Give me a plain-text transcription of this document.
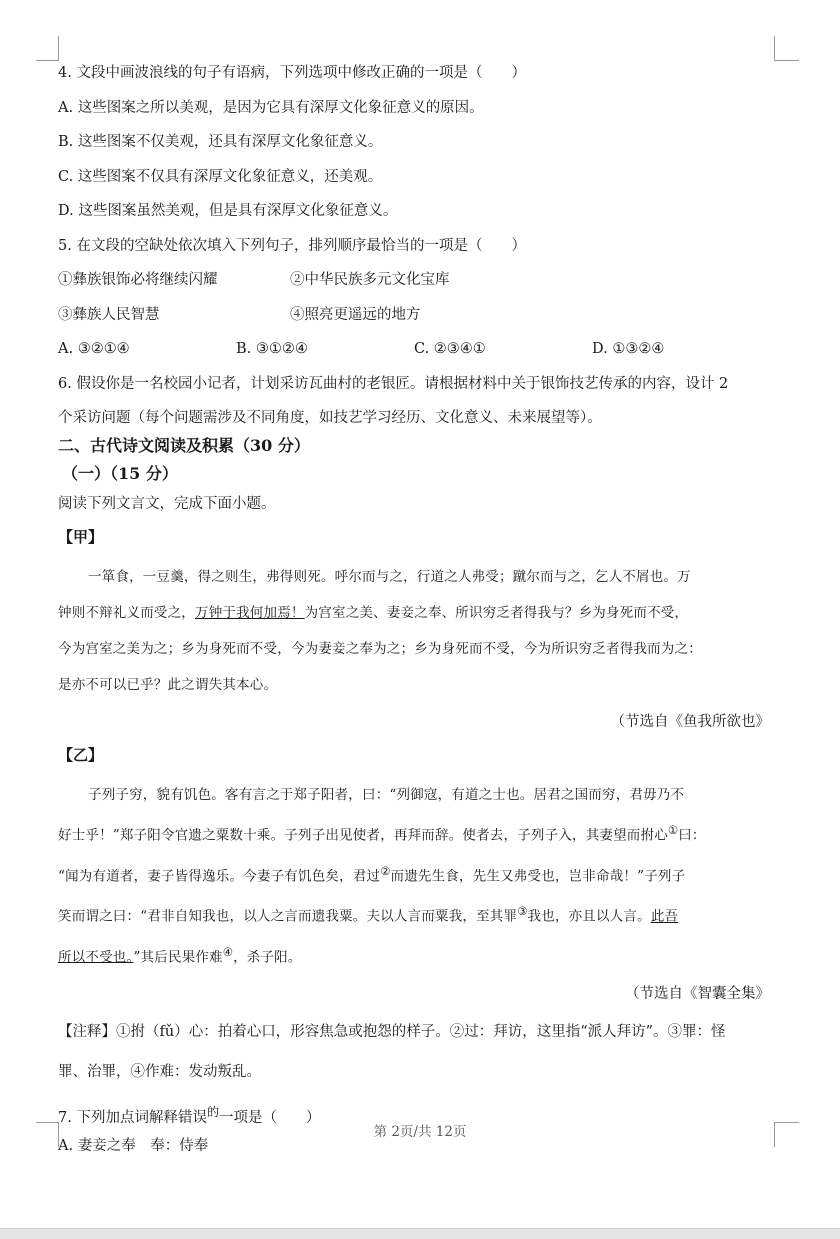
4. 文段中画波浪线的句子有语病，下列选项中修改正确的一项是（　　）

A. 这些图案之所以美观，是因为它具有深厚文化象征意义的原因。

B. 这些图案不仅美观，还具有深厚文化象征意义。

C. 这些图案不仅具有深厚文化象征意义，还美观。

D. 这些图案虽然美观，但是具有深厚文化象征意义。

5. 在文段的空缺处依次填入下列句子，排列顺序最恰当的一项是（　　）

①彝族银饰必将继续闪耀	②中华民族多元文化宝库

③彝族人民智慧	④照亮更遥远的地方

A. ③②①④	B. ③①②④	C. ②③④①	D. ①③②④

6. 假设你是一名校园小记者，计划采访瓦曲村的老银匠。请根据材料中关于银饰技艺传承的内容，设计 2

个采访问题（每个问题需涉及不同角度，如技艺学习经历、文化意义、未来展望等）。

二、古代诗文阅读及积累（30 分）

（一）（15 分）

阅读下列文言文，完成下面小题。

【甲】

一箪食，一豆羹，得之则生，弗得则死。呼尔而与之，行道之人弗受；蹴尔而与之，乞人不屑也。万

钟则不辩礼义而受之，万钟于我何加焉！为宫室之美、妻妾之奉、所识穷乏者得我与？乡为身死而不受，

今为宫室之美为之；乡为身死而不受，今为妻妾之奉为之；乡为身死而不受，今为所识穷乏者得我而为之：

是亦不可以已乎？此之谓失其本心。

（节选自《鱼我所欲也》

【乙】

子列子穷，貌有饥色。客有言之于郑子阳者，曰：“列御寇，有道之士也。居君之国而穷，君毋乃不

好士乎！”郑子阳令官遗之粟数十乘。子列子出见使者，再拜而辞。使者去，子列子入，其妻望而拊心①曰：

“闻为有道者，妻子皆得逸乐。今妻子有饥色矣，君过②而遗先生食，先生又弗受也，岂非命哉！”子列子

笑而谓之曰：“君非自知我也，以人之言而遗我粟。夫以人言而粟我，至其罪③我也，亦且以人言。此吾

所以不受也。”其后民果作难④，杀子阳。

（节选自《智囊全集》

【注释】①拊（fǔ）心：拍着心口，形容焦急或抱怨的样子。②过：拜访，这里指“派人拜访”。③罪：怪

罪、治罪，④作难：发动叛乱。

7. 下列加点词解释错误$^的$一项是（　　）

A. 妻妾之奉　奉：侍奉

第 2页/共 12页
